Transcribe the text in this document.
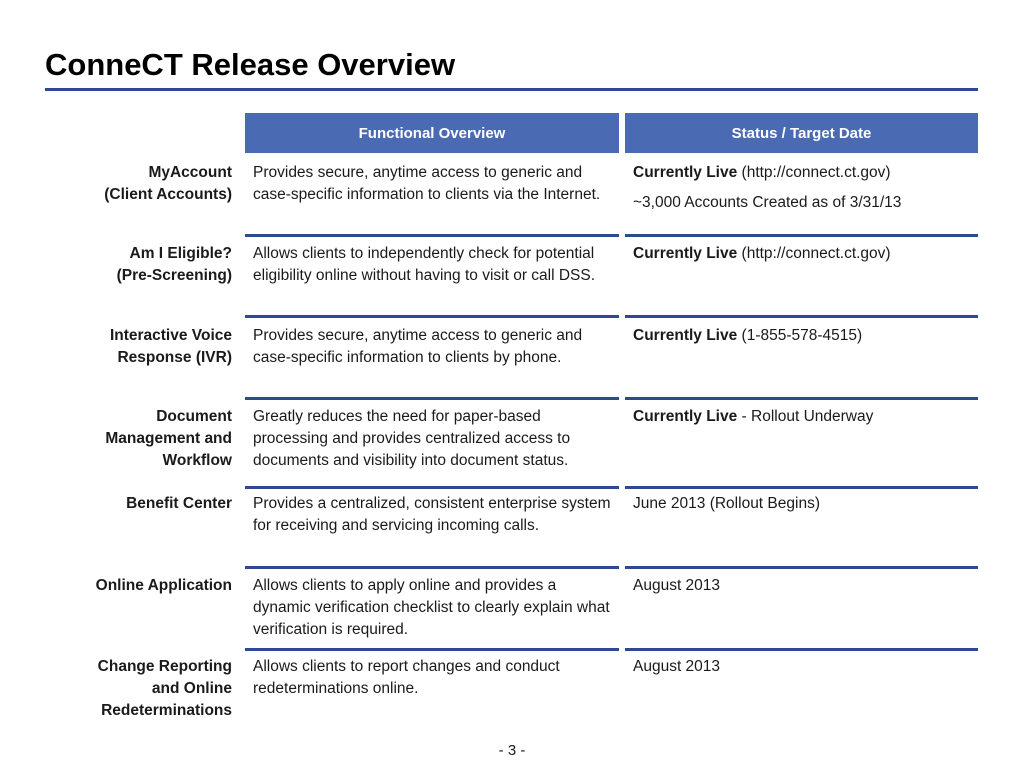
ConneCT Release Overview
Functional Overview	Status / Target Date
MyAccount
(Client Accounts)
Provides secure, anytime access to generic and case-specific information to clients via the Internet.
Currently Live (http://connect.ct.gov)
~3,000 Accounts Created as of 3/31/13
Am I Eligible?
(Pre-Screening)
Allows clients to independently check for potential eligibility online without having to visit or call DSS.
Currently Live (http://connect.ct.gov)
Interactive Voice
Response (IVR)
Provides secure, anytime access to generic and case-specific information to clients by phone.
Currently Live (1-855-578-4515)
Document
Management and
Workflow
Greatly reduces the need for paper-based processing and provides centralized access to documents and visibility into document status.
Currently Live - Rollout Underway
Benefit Center Provides a centralized, consistent enterprise system for receiving and servicing incoming calls.
June 2013 (Rollout Begins)
Online Application Allows clients to apply online and provides a dynamic verification checklist to clearly explain what verification is required.
August 2013
Change Reporting
and Online
Redeterminations
Allows clients to report changes and conduct redeterminations online.
August 2013
- 3 -
